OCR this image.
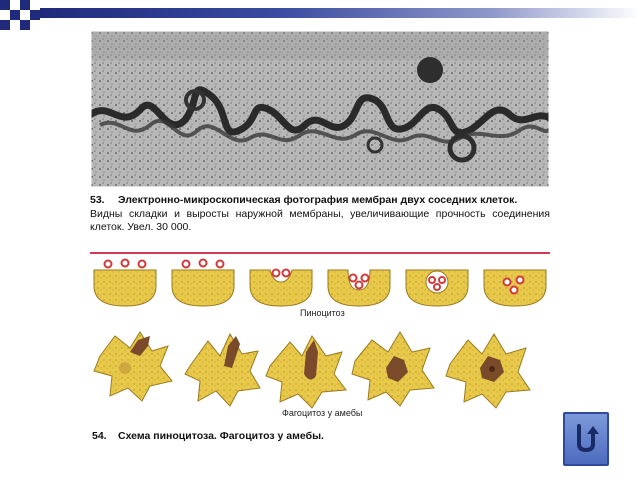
53. Электронно-микроскопическая фотография мембран двух соседних клеток.
Видны складки и выросты наружной мембраны, увеличивающие прочность соединения клеток. Увел. 30 000.
Пиноцитоз
Фагоцитоз у амебы
54. Схема пиноцитоза. Фагоцитоз у амебы.
